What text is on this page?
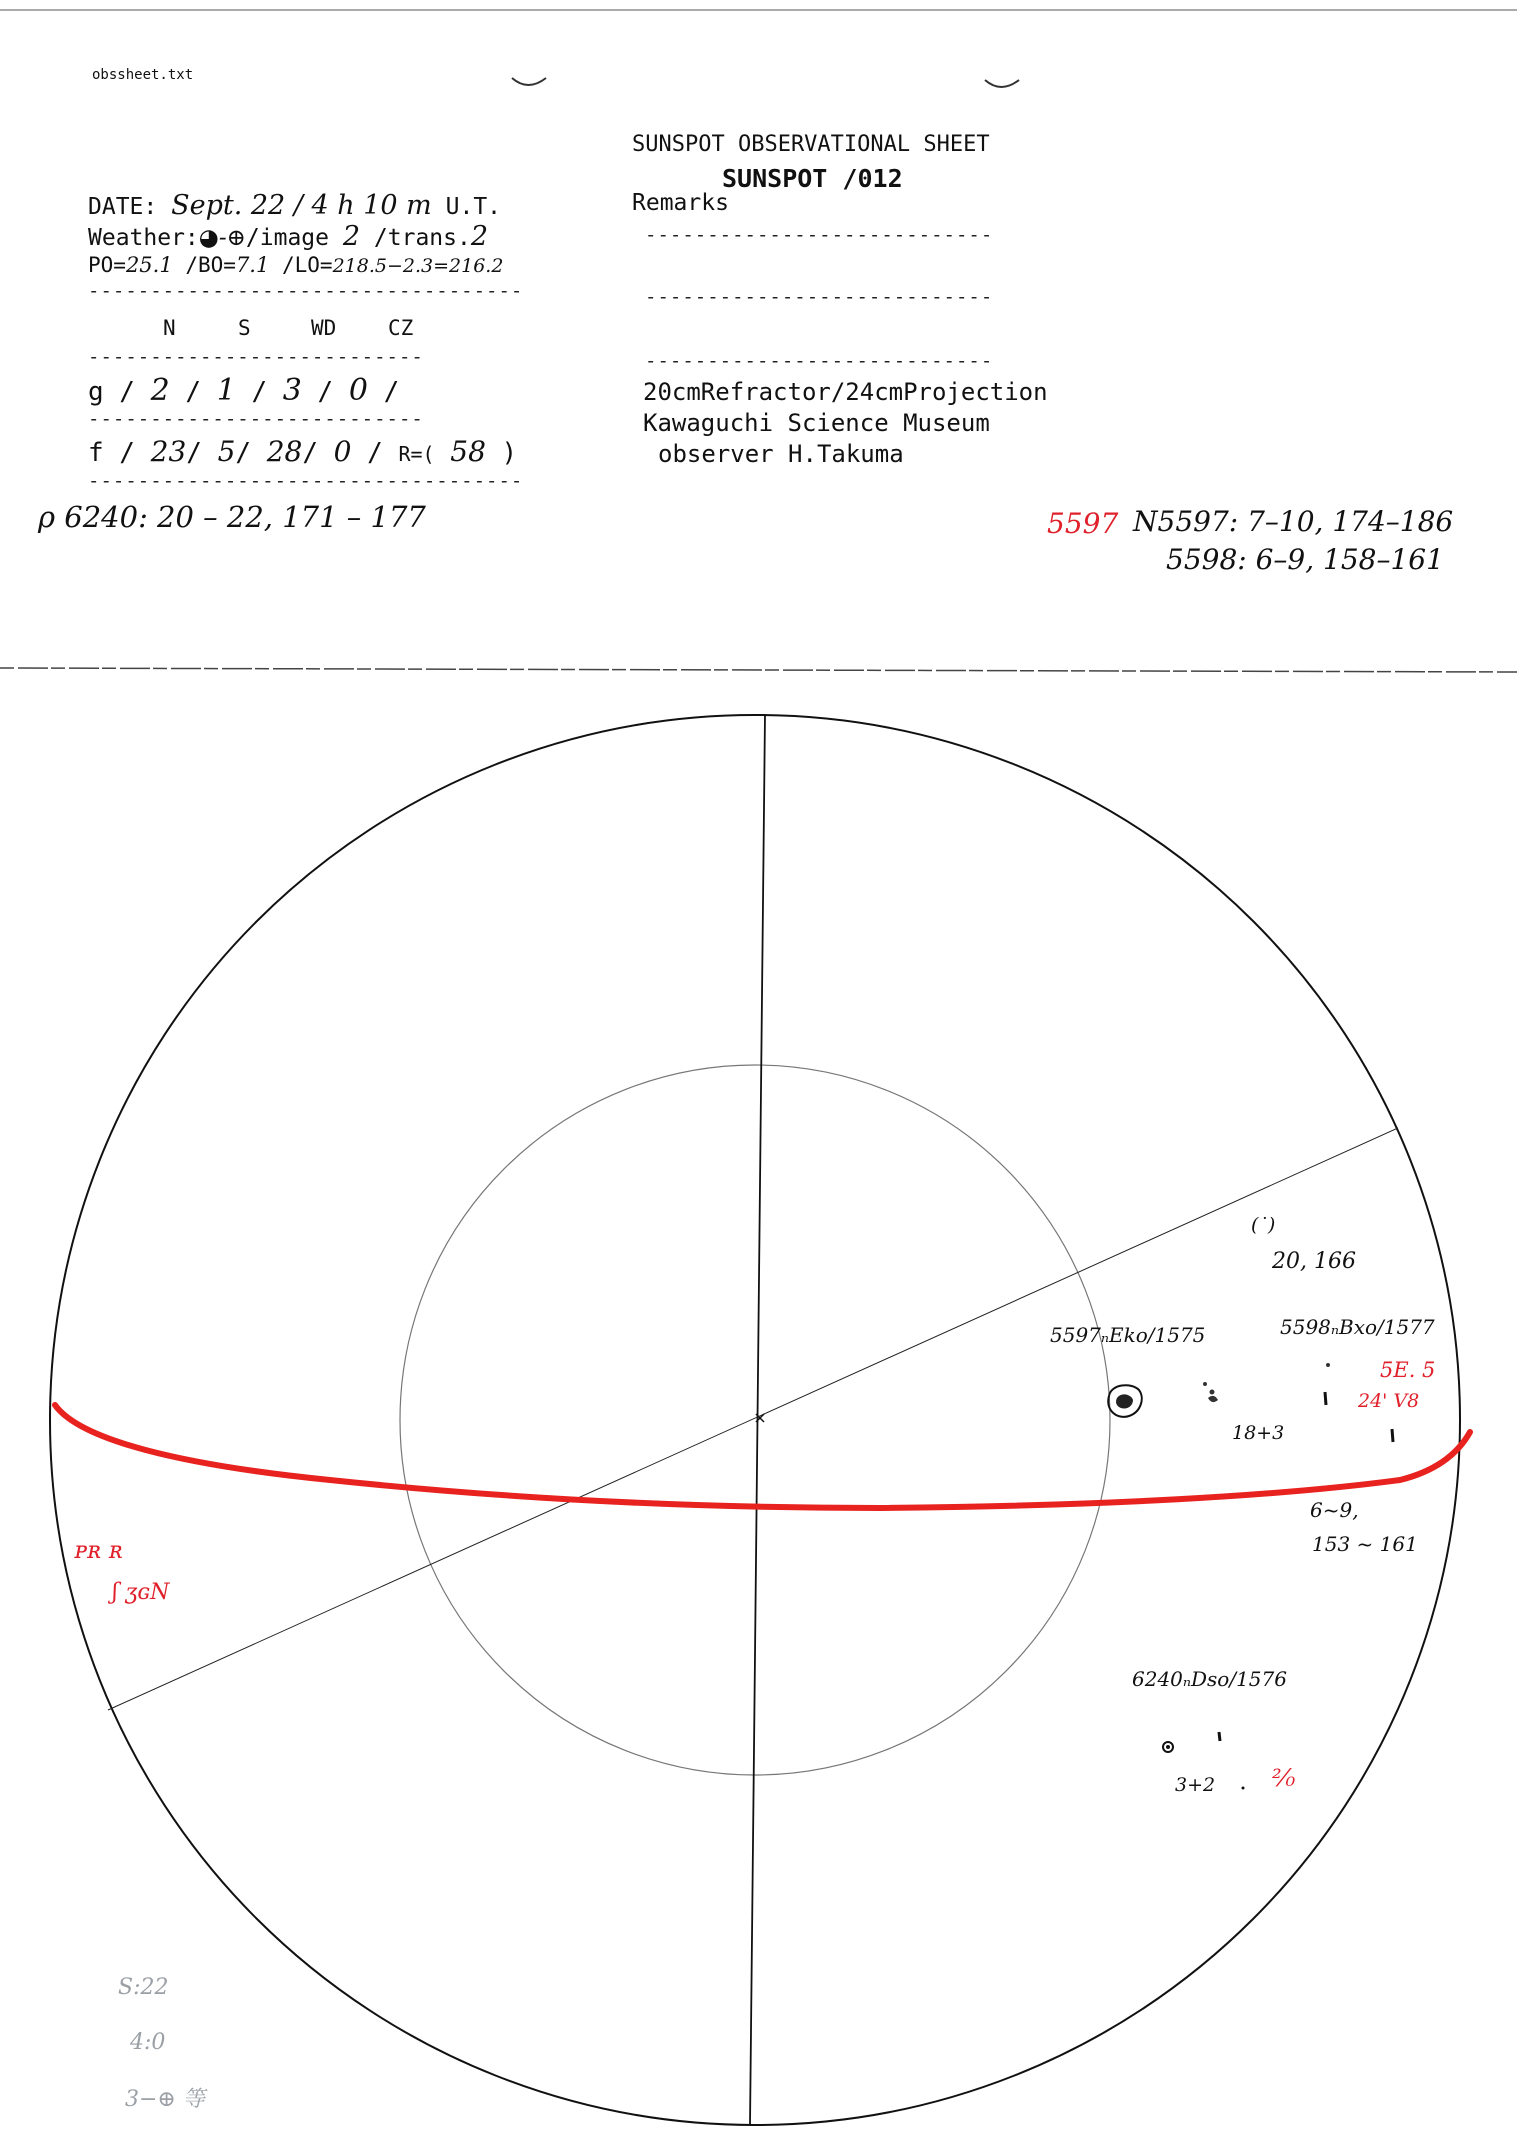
obssheet.txt
SUNSPOT OBSERVATIONAL SHEET
SUNSPOT /012
DATE: Sept. 22 / 4 h 10 m U.T.
Weather:◕-⊕/image 2 /trans.2
PO=25.1 /BO=7.1 /LO=218.5−2.3=216.2
-----------------------------------
N	S	WD CZ
---------------------------
g / 2 / 1 / 3 / 0 /
---------------------------
f / 23/ 5/ 28/ 0 / R=( 58 )
-----------------------------------
ρ 6240: 20 – 22, 171 – 177
Remarks
----------------------------
----------------------------
----------------------------
20cmRefractor/24cmProjection
Kawaguchi Science Museum
observer H.Takuma
5597 N5597: 7–10, 174–186
5598: 6–9, 158–161
(˙)
20, 166
5597ₙEko/1575	5598ₙBxo/1577
18+3
6~9,
153 ~ 161
6240ₙDso/1576
3+2
ᴘʀ ʀ
ʃ ʒɢN
5E. 5
24' V8
²⁄₀
S:22
4:0
3−⊕ 等
